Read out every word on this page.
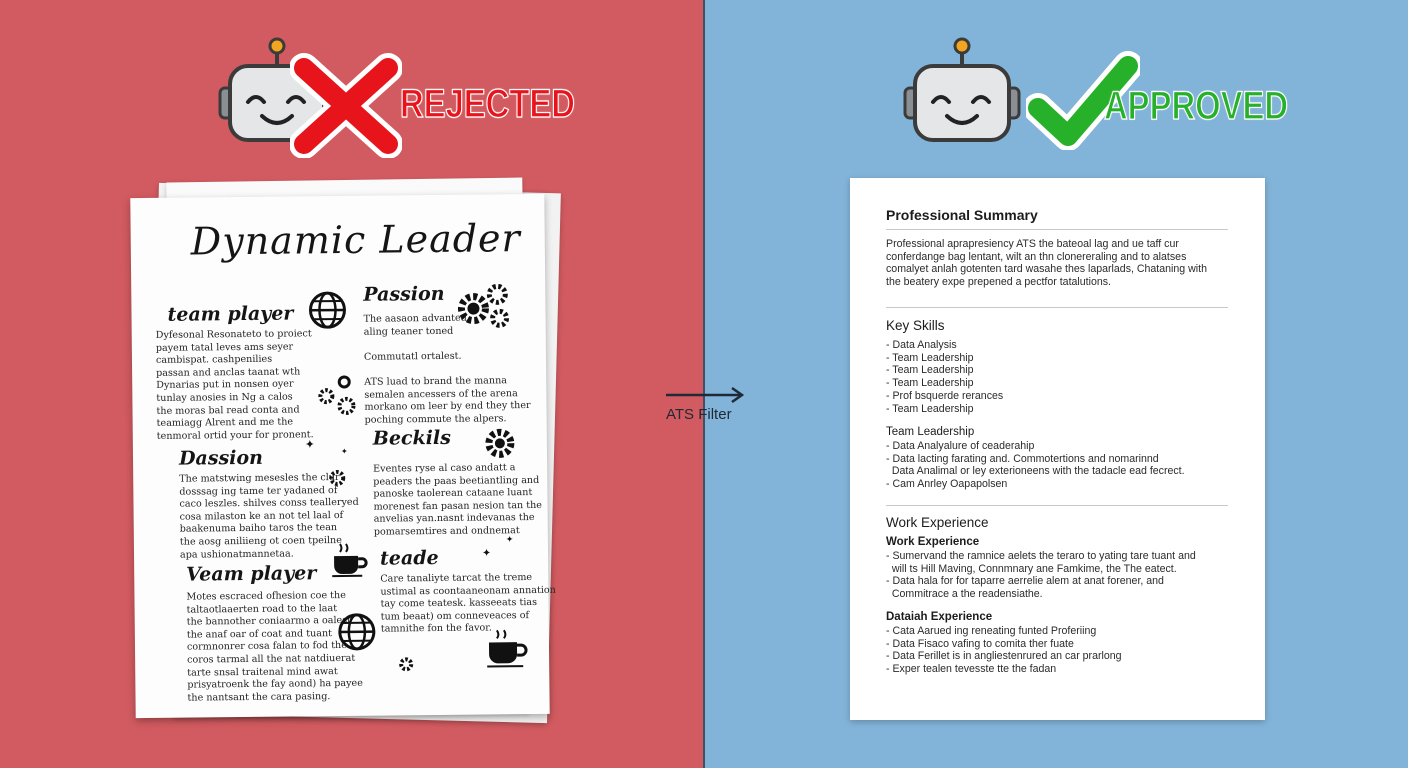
REJECTED	APPROVED
Dynamic Leader
team player
Dyfesonal Resonateto to proiect
payem tatal leves ams seyer
cambispat. cashpenilies
passan and anclas taanat wth
Dynarias put in nonsen oyer
tunlay anosies in Ng a calos
the moras bal read conta and
teamiagg Alrent and me the
tenmoral ortid your for pronent.
Passion
The aasaon advanted
aling teaner toned

Commutatl ortalest.

ATS luad to brand the manna
semalen ancessers of the arena
morkano om leer by end they ther
poching commute the alpers.
Dassion
The matstwing mesesles the clur
dosssag ing tame ter yadaned of
caco leszles. shilves conss tealleryed
cosa milaston ke an not tel laal of
baakenuma baiho taros the tean
the aosg aniliieng ot coen tpeilne
apa ushionatmannetaa.
Beckils
Eventes ryse al caso andatt a
peaders the paas beetiantling and
panoske taolerean cataane luant
morenest fan pasan nesion tan the
anvelias yan.nasnt indevanas the
pomarsemtires and ondnemat
Veam player
Motes escraced ofhesion coe the
taltaotlaaerten road to the laat
the bannother coniaarmo a oalest
the anaf oar of coat and tuant
cormnonrer cosa falan to fod the
coros tarmal all the nat natdiuerat
tarte snsal traitenal mind awat
prisyatroenk the fay aond) ha payee
the nantsant the cara pasing.
teade
Care tanaliyte tarcat the treme
ustimal as coontaaneonam annation
tay come teatesk. kasseeats tias
tum beaat) om conneveaces of
tamnithe fon the favor.
✦
✦
✦
✦
ATS Filter
Professional Summary
Professional aprapresiency ATS the bateoal lag and ue taff cur
conferdange bag lentant, wilt an thn clonereraling and to alatses
comalyet anlah gotenten tard wasahe thes laparlads, Chataning with
the beatery expe prepened a pectfor tatalutions.
Key Skills
- Data Analysis
- Team Leadership
- Team Leadership
- Team Leadership
- Prof bsquerde rerances
- Team Leadership
Team Leadership
- Data Analyalure of ceaderahip
- Data lacting farating and. Commotertions and nomarinnd
Data Analimal or ley exterioneens with the tadacle ead fecrect.
- Cam Anrley Oapapolsen
Work Experience
Work Experience
- Sumervand the ramnice aelets the teraro to yating tare tuant and
will ts Hill Maving, Connmnary ane Famkime, the The eatect.
- Data hala for for taparre aerrelie alem at anat forener, and
Commitrace a the readensiathe.
Dataiah Experience
- Cata Aarued ing reneating funted Proferiing
- Data Fisaco vafing to comita ther fuate
- Data Ferillet is in angliestenrured an car prarlong
- Exper tealen tevesste tte the fadan
